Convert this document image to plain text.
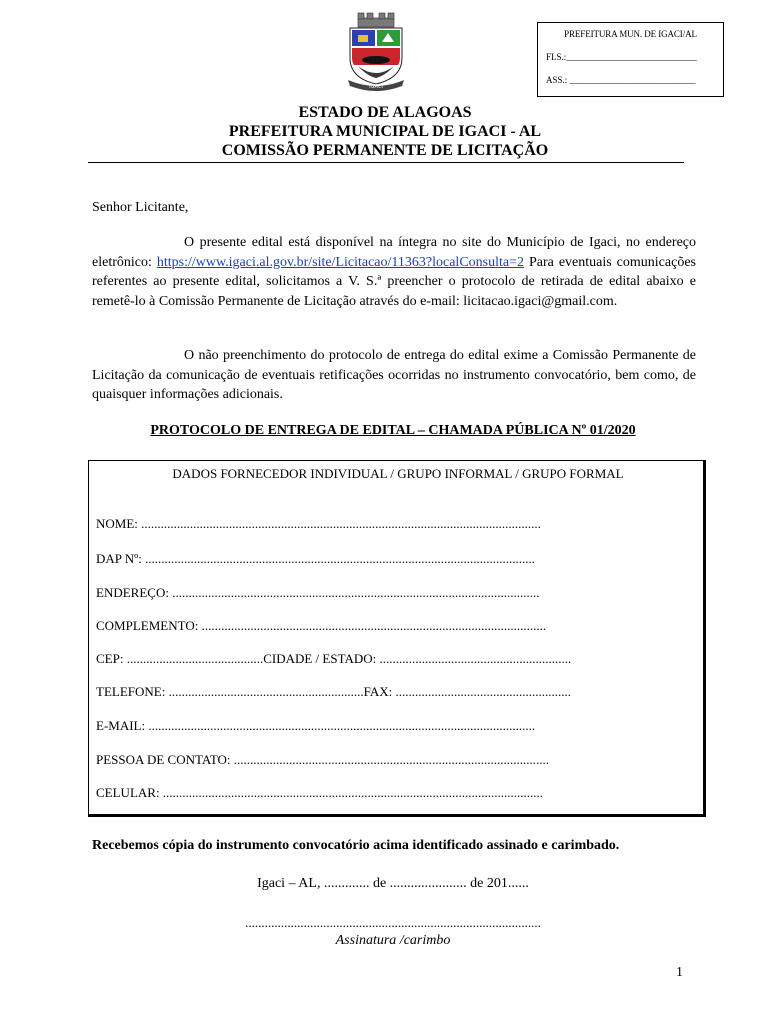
PREFEITURA MUN. DE IGACI/AL
FLS.:_____________________________
ASS.: ____________________________
IGACI
ESTADO DE ALAGOAS
PREFEITURA MUNICIPAL DE IGACI - AL
COMISSÃO PERMANENTE DE LICITAÇÃO
Senhor Licitante,
O presente edital está disponível na íntegra no site do Município de Igaci, no endereço eletrônico: https://www.igaci.al.gov.br/site/Licitacao/11363?localConsulta=2 Para eventuais comunicações referentes ao presente edital, solicitamos a V. S.ª preencher o protocolo de retirada de edital abaixo e remetê-lo à Comissão Permanente de Licitação através do e-mail: licitacao.igaci@gmail.com.
O não preenchimento do protocolo de entrega do edital exime a Comissão Permanente de Licitação da comunicação de eventuais retificações ocorridas no instrumento convocatório, bem como, de quaisquer informações adicionais.
PROTOCOLO DE ENTREGA DE EDITAL – CHAMADA PÚBLICA Nº 01/2020
DADOS FORNECEDOR INDIVIDUAL / GRUPO INFORMAL / GRUPO FORMAL
NOME: ...........................................................................................................................
DAP Nº: ........................................................................................................................
ENDEREÇO: .................................................................................................................
COMPLEMENTO: ..........................................................................................................
CEP: ..........................................CIDADE / ESTADO: ...........................................................
TELEFONE: ............................................................FAX: ......................................................
E-MAIL: .......................................................................................................................
PESSOA DE CONTATO: .................................................................................................
CELULAR: .....................................................................................................................
Recebemos cópia do instrumento convocatório acima identificado assinado e carimbado.
Igaci – AL, ............. de ...................... de 201......
...........................................................................................
Assinatura /carimbo
1
